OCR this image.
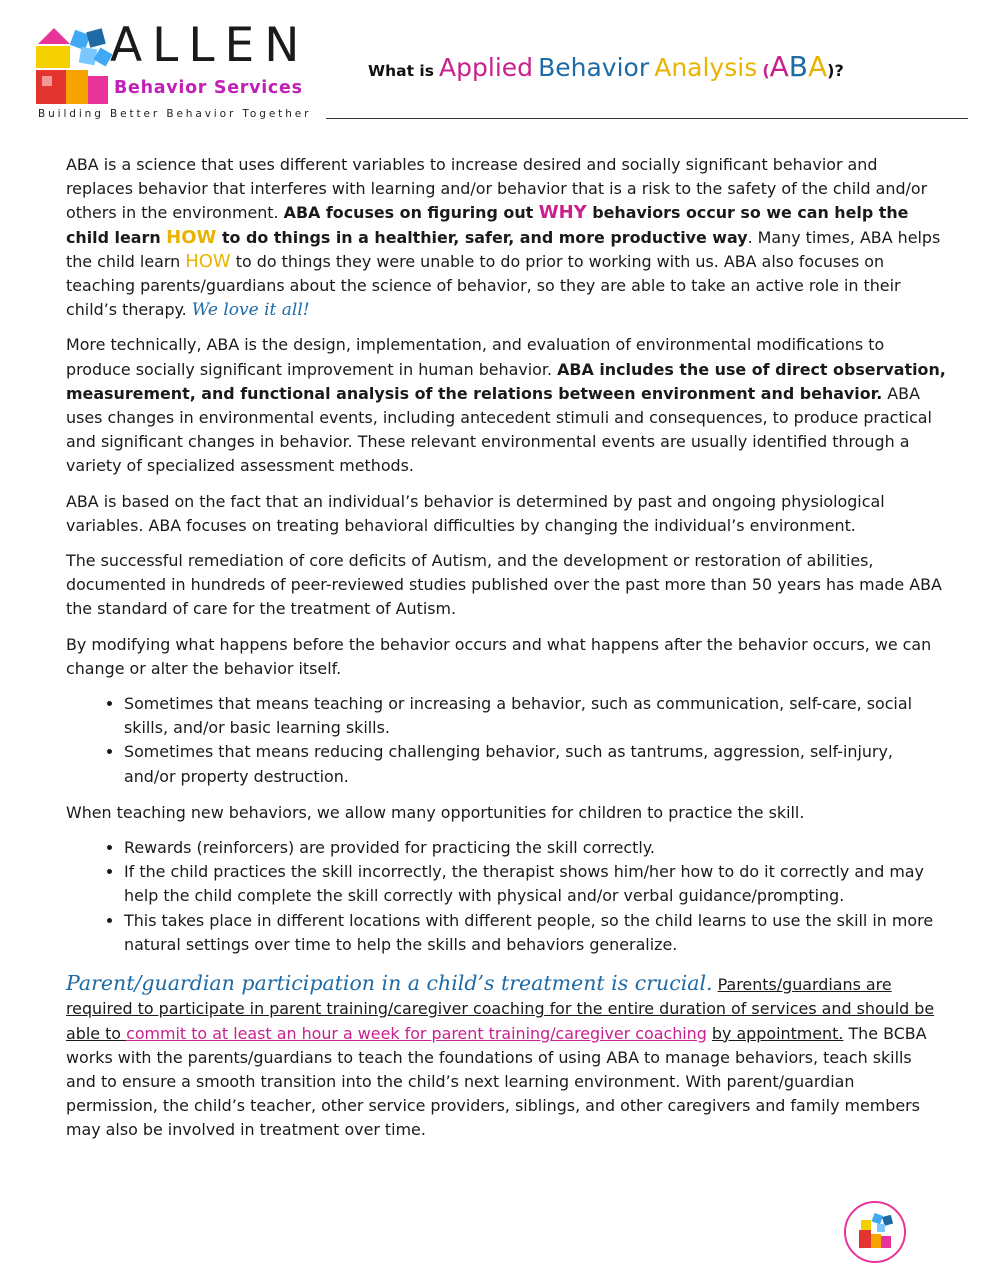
ALLEN
Behavior Services
Building Better Behavior Together
What is Applied Behavior Analysis (ABA)?

ABA is a science that uses different variables to increase desired and socially significant behavior and replaces behavior that interferes with learning and/or behavior that is a risk to the safety of the child and/or others in the environment. ABA focuses on figuring out WHY behaviors occur so we can help the child learn HOW to do things in a healthier, safer, and more productive way. Many times, ABA helps the child learn HOW to do things they were unable to do prior to working with us. ABA also focuses on teaching parents/guardians about the science of behavior, so they are able to take an active role in their child’s therapy. We love it all!

More technically, ABA is the design, implementation, and evaluation of environmental modifications to produce socially significant improvement in human behavior. ABA includes the use of direct observation, measurement, and functional analysis of the relations between environment and behavior. ABA uses changes in environmental events, including antecedent stimuli and consequences, to produce practical and significant changes in behavior. These relevant environmental events are usually identified through a variety of specialized assessment methods.

ABA is based on the fact that an individual’s behavior is determined by past and ongoing physiological variables. ABA focuses on treating behavioral difficulties by changing the individual’s environment.

The successful remediation of core deficits of Autism, and the development or restoration of abilities, documented in hundreds of peer-reviewed studies published over the past more than 50 years has made ABA the standard of care for the treatment of Autism.

By modifying what happens before the behavior occurs and what happens after the behavior occurs, we can change or alter the behavior itself.

• Sometimes that means teaching or increasing a behavior, such as communication, self-care, social skills, and/or basic learning skills.
• Sometimes that means reducing challenging behavior, such as tantrums, aggression, self-injury, and/or property destruction.

When teaching new behaviors, we allow many opportunities for children to practice the skill.

• Rewards (reinforcers) are provided for practicing the skill correctly.
• If the child practices the skill incorrectly, the therapist shows him/her how to do it correctly and may help the child complete the skill correctly with physical and/or verbal guidance/prompting.
• This takes place in different locations with different people, so the child learns to use the skill in more natural settings over time to help the skills and behaviors generalize.

Parent/guardian participation in a child’s treatment is crucial. Parents/guardians are required to participate in parent training/caregiver coaching for the entire duration of services and should be able to commit to at least an hour a week for parent training/caregiver coaching by appointment. The BCBA works with the parents/guardians to teach the foundations of using ABA to manage behaviors, teach skills and to ensure a smooth transition into the child’s next learning environment. With parent/guardian permission, the child’s teacher, other service providers, siblings, and other caregivers and family members may also be involved in treatment over time.
